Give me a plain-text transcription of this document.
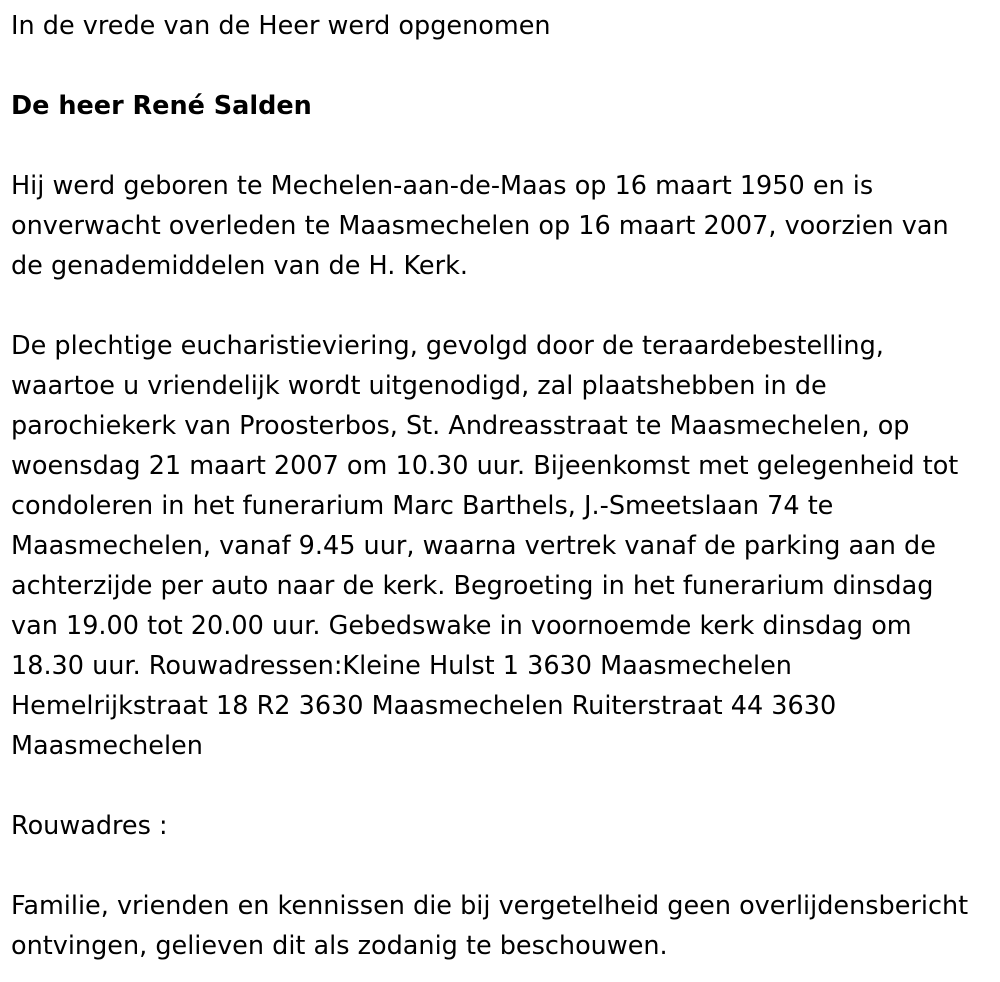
In de vrede van de Heer werd opgenomen

De heer René Salden

Hij werd geboren te Mechelen-aan-de-Maas op 16 maart 1950 en is onverwacht overleden te Maasmechelen op 16 maart 2007, voorzien van de genademiddelen van de H. Kerk.

De plechtige eucharistieviering, gevolgd door de teraardebestelling, waartoe u vriendelijk wordt uitgenodigd, zal plaatshebben in de parochiekerk van Proosterbos, St. Andreasstraat te Maasmechelen, op woensdag 21 maart 2007 om 10.30 uur. Bijeenkomst met gelegenheid tot condoleren in het funerarium Marc Barthels, J.-Smeetslaan 74 te Maasmechelen, vanaf 9.45 uur, waarna vertrek vanaf de parking aan de achterzijde per auto naar de kerk. Begroeting in het funerarium dinsdag van 19.00 tot 20.00 uur. Gebedswake in voornoemde kerk dinsdag om 18.30 uur. Rouwadressen:Kleine Hulst 1 3630 Maasmechelen Hemelrijkstraat 18 R2 3630 Maasmechelen Ruiterstraat 44 3630 Maasmechelen

Rouwadres :

Familie, vrienden en kennissen die bij vergetelheid geen overlijdensbericht ontvingen, gelieven dit als zodanig te beschouwen.
